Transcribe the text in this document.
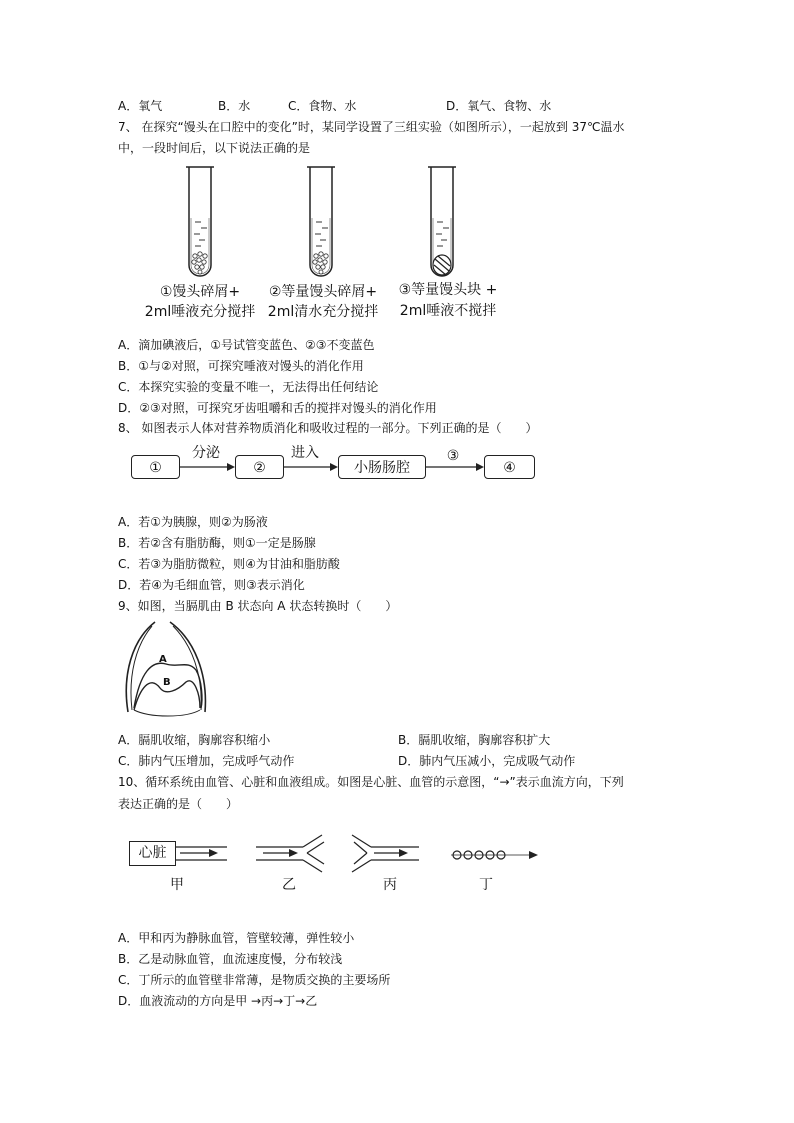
A．氧气	B．水	C．食物、水	D．氧气、食物、水
7、 在探究“馒头在口腔中的变化”时，某同学设置了三组实验（如图所示），一起放到 37℃温水
中，一段时间后，以下说法正确的是
①馒头碎屑+
2ml唾液充分搅拌
②等量馒头碎屑+
2ml清水充分搅拌
③等量馒头块 +
2ml唾液不搅拌
A．滴加碘液后，①号试管变蓝色、②③不变蓝色
B．①与②对照，可探究唾液对馒头的消化作用
C．本探究实验的变量不唯一，无法得出任何结论
D．②③对照，可探究牙齿咀嚼和舌的搅拌对馒头的消化作用
8、 如图表示人体对营养物质消化和吸收过程的一部分。下列正确的是（　　）
①	②	小肠肠腔	④
分泌	进入	③
A．若①为胰腺，则②为肠液
B．若②含有脂肪酶，则①一定是肠腺
C．若③为脂肪微粒，则④为甘油和脂肪酸
D．若④为毛细血管，则③表示消化
9、如图，当膈肌由 B 状态向 A 状态转换时（　　）
A
B
A．膈肌收缩，胸廓容积缩小	B．膈肌收缩，胸廓容积扩大
C．肺内气压增加，完成呼气动作	D．肺内气压减小，完成吸气动作
10、循环系统由血管、心脏和血液组成。如图是心脏、血管的示意图，“→”表示血流方向，下列
表达正确的是（　　）
心脏
甲	乙	丙	丁
A．甲和丙为静脉血管，管壁较薄，弹性较小
B．乙是动脉血管，血流速度慢，分布较浅
C．丁所示的血管壁非常薄，是物质交换的主要场所
D．血液流动的方向是甲 →丙→丁→乙
